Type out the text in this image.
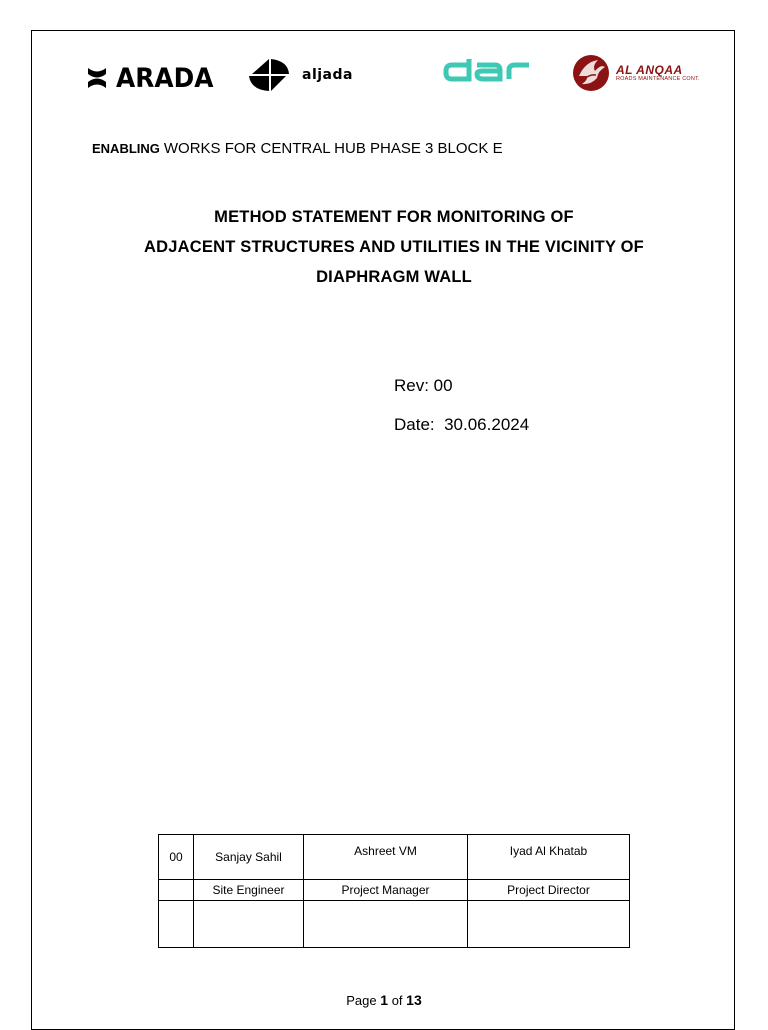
ARADA	aljada
dar
AL ANQAA
ROADS MAINTENANCE CONT.
ENABLING WORKS FOR CENTRAL HUB PHASE 3 BLOCK E
METHOD STATEMENT FOR MONITORING OF
ADJACENT STRUCTURES AND UTILITIES IN THE VICINITY OF
DIAPHRAGM WALL
Rev: 00
Date: 30.06.2024
00	Sanjay Sahil	Ashreet VM	Iyad Al Khatab
	Site Engineer	Project Manager	Project Director

Page 1 of 13
